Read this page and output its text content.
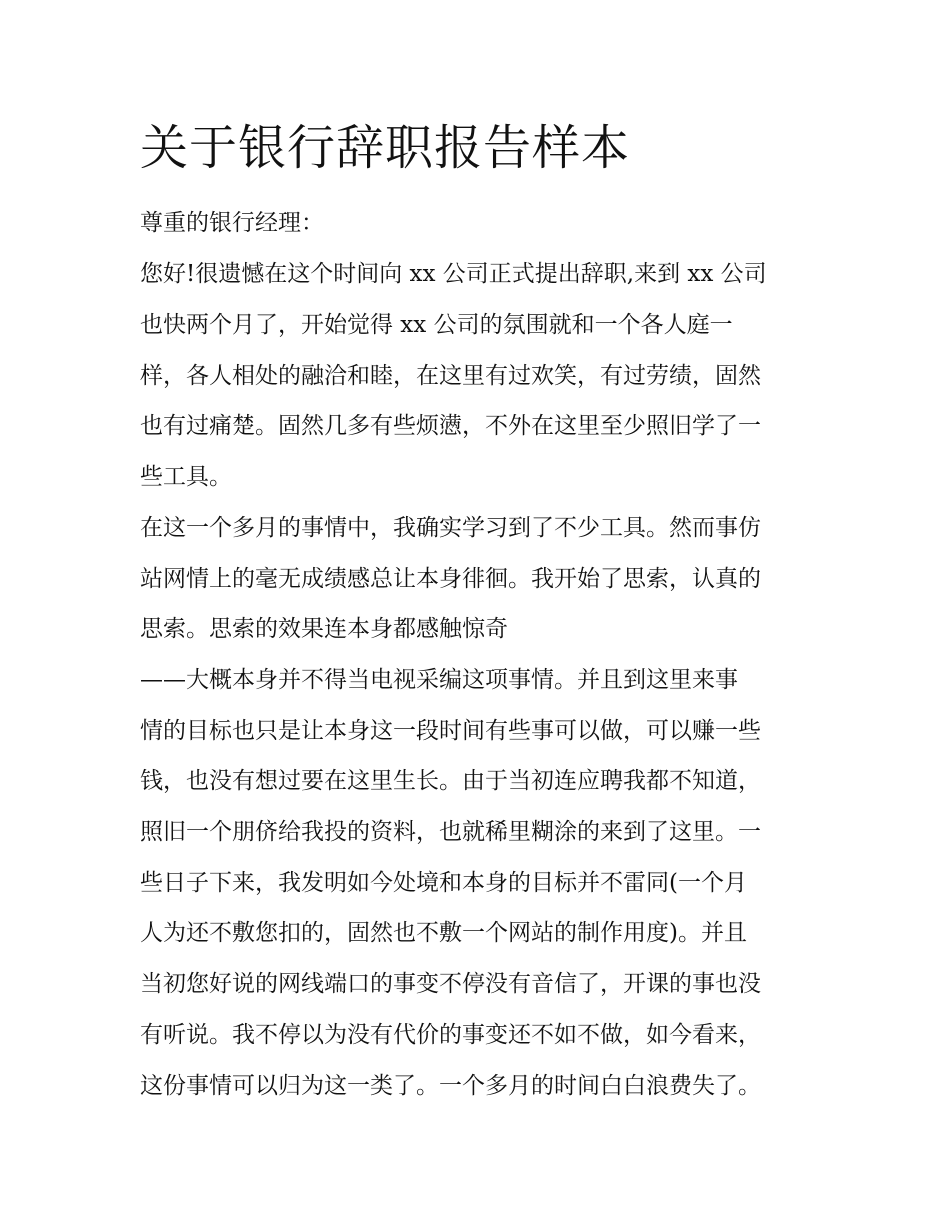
关于银行辞职报告样本

尊重的银行经理：

您好!很遗憾在这个时间向 xx 公司正式提出辞职,来到 xx 公司

也快两个月了，开始觉得 xx 公司的氛围就和一个各人庭一

样，各人相处的融洽和睦，在这里有过欢笑，有过劳绩，固然

也有过痛楚。固然几多有些烦懑，不外在这里至少照旧学了一

些工具。

在这一个多月的事情中，我确实学习到了不少工具。然而事仿

站网情上的毫无成绩感总让本身徘徊。我开始了思索，认真的

思索。思索的效果连本身都感触惊奇

——大概本身并不得当电视采编这项事情。并且到这里来事

情的目标也只是让本身这一段时间有些事可以做，可以赚一些

钱，也没有想过要在这里生长。由于当初连应聘我都不知道，

照旧一个朋侪给我投的资料，也就稀里糊涂的来到了这里。一

些日子下来，我发明如今处境和本身的目标并不雷同(一个月

人为还不敷您扣的，固然也不敷一个网站的制作用度)。并且

当初您好说的网线端口的事变不停没有音信了，开课的事也没

有听说。我不停以为没有代价的事变还不如不做，如今看来，

这份事情可以归为这一类了。一个多月的时间白白浪费失了。
